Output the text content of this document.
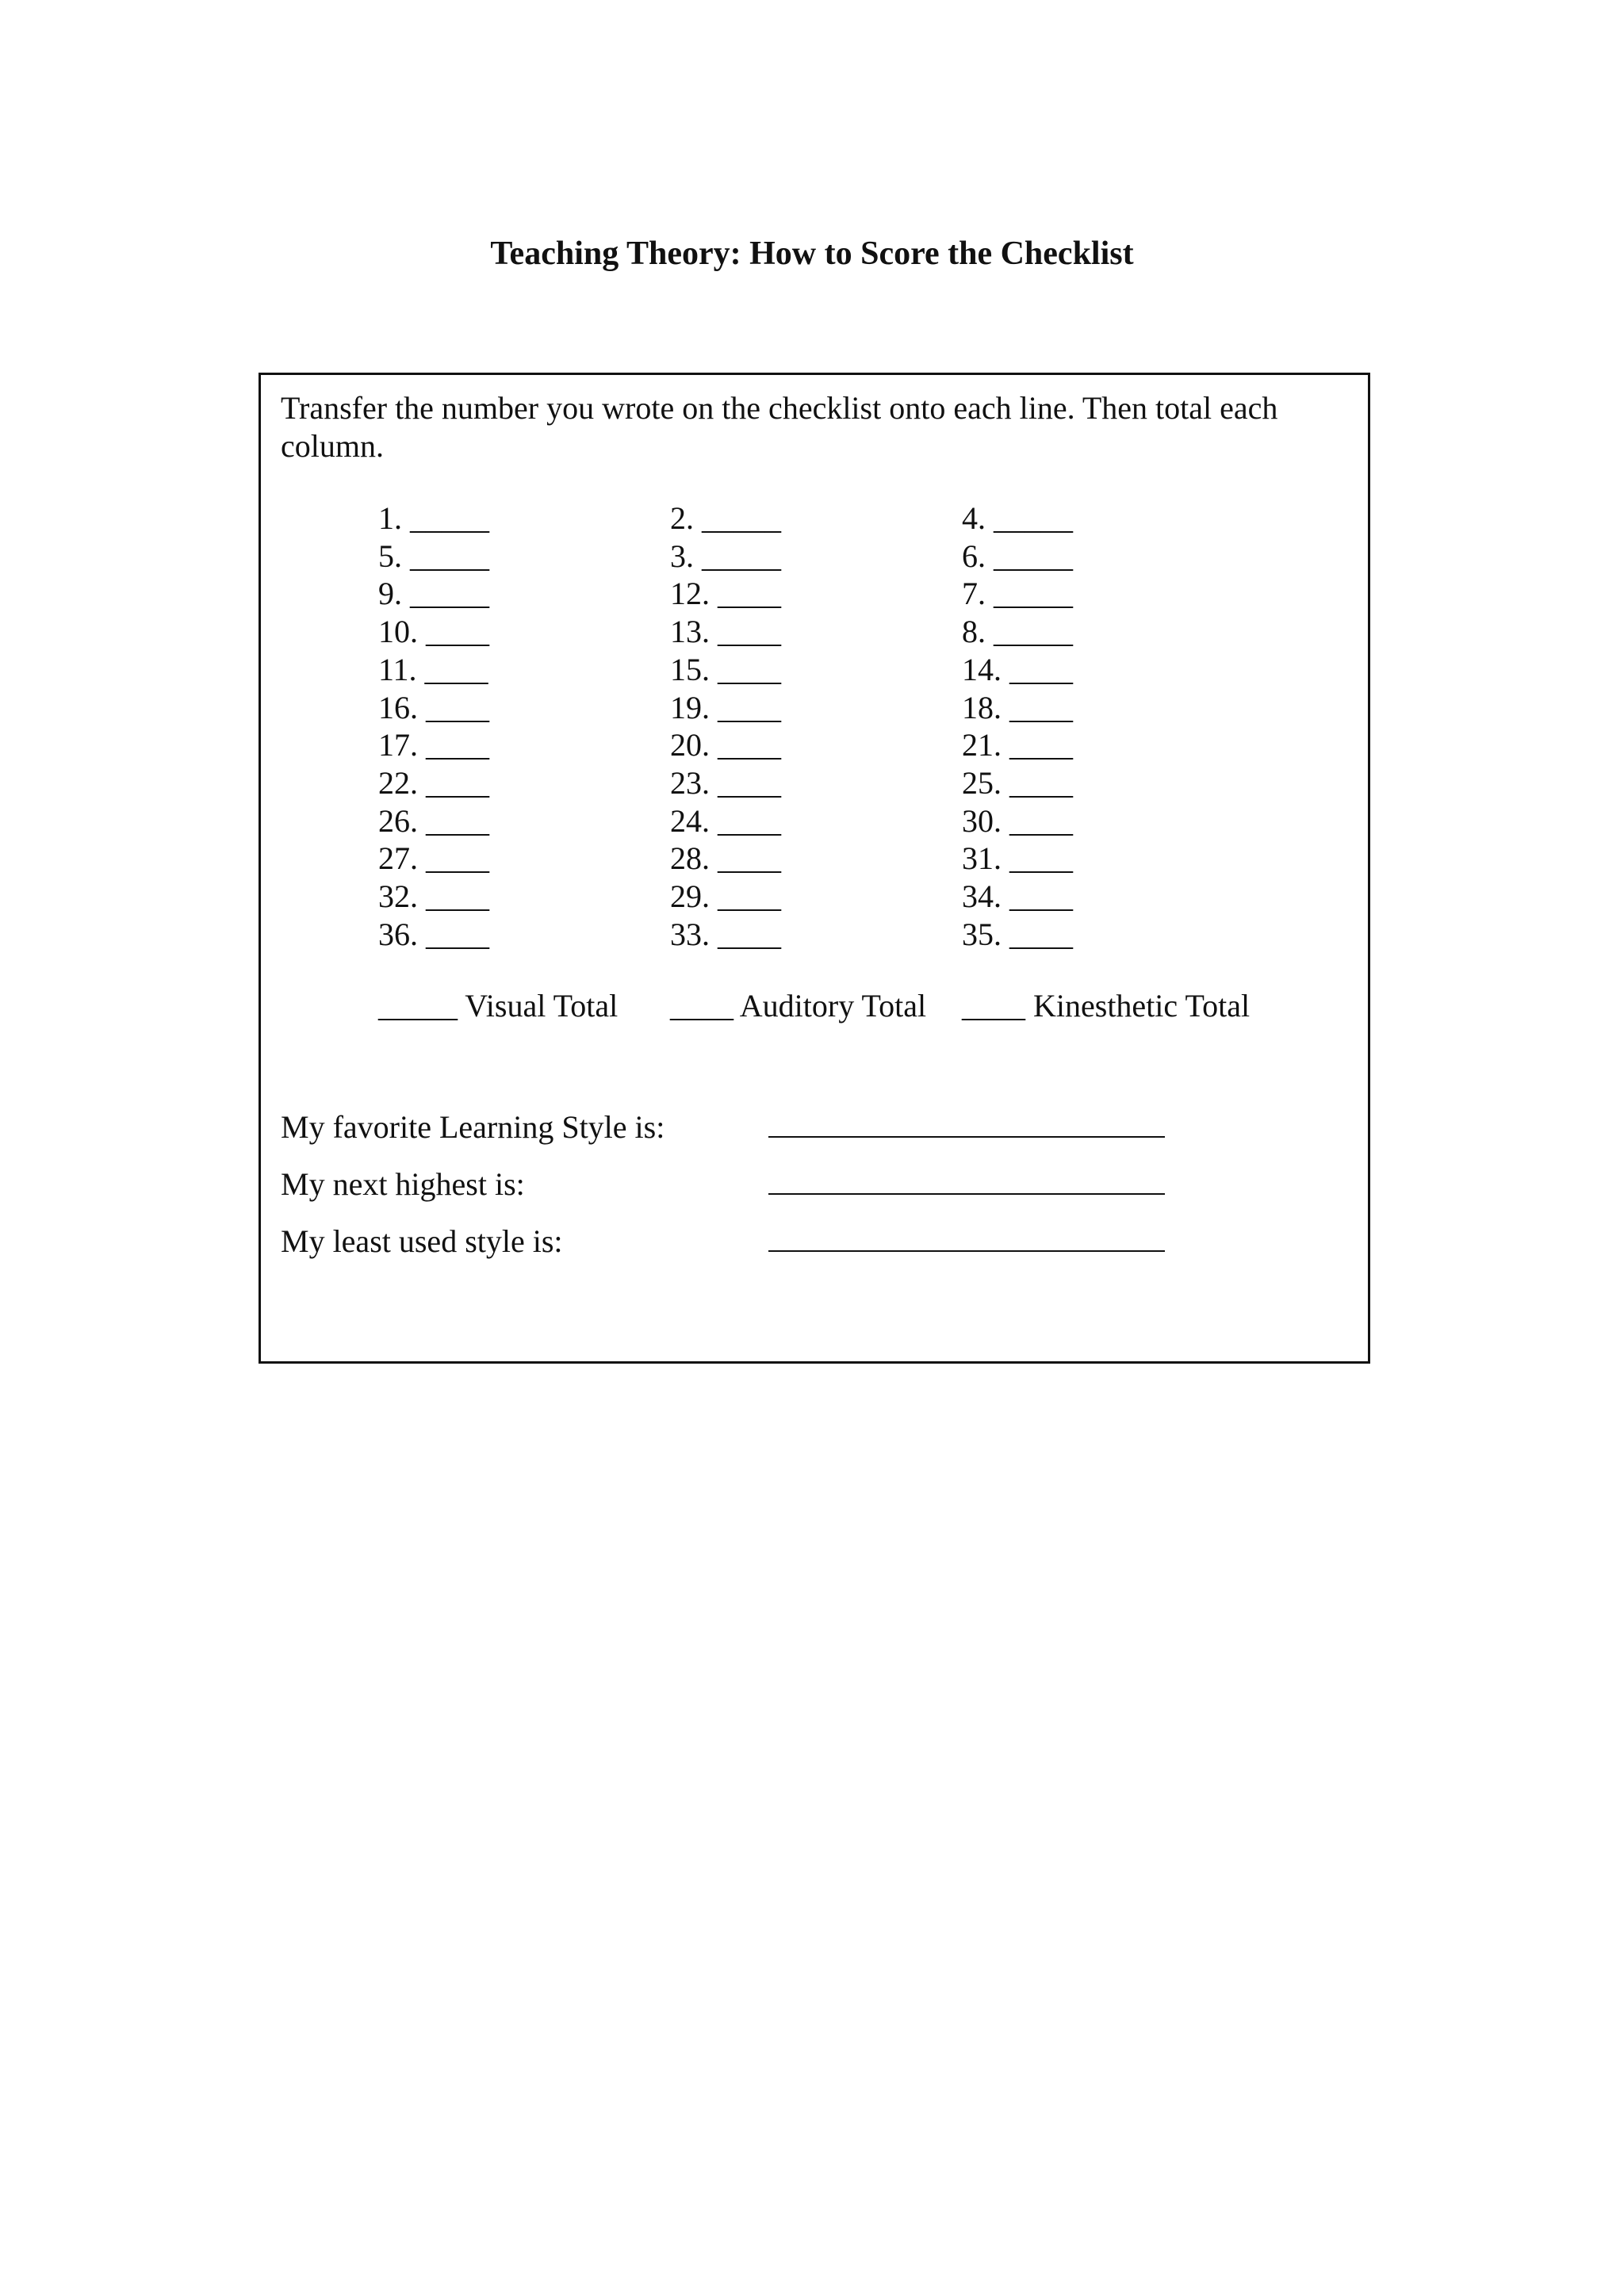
Teaching Theory: How to Score the Checklist
Transfer the number you wrote on the checklist onto each line. Then total each column.
1. _____
5. _____
9. _____
10. ____
11. ____
16. ____
17. ____
22. ____
26. ____
27. ____
32. ____
36. ____
2. _____
3. _____
12. ____
13. ____
15. ____
19. ____
20. ____
23. ____
24. ____
28. ____
29. ____
33. ____
4. _____
6. _____
7. _____
8. _____
14. ____
18. ____
21. ____
25. ____
30. ____
31. ____
34. ____
35. ____

_____ Visual Total

____ Auditory Total

____ Kinesthetic Total

My favorite Learning Style is:
My next highest is:
My least used style is:
